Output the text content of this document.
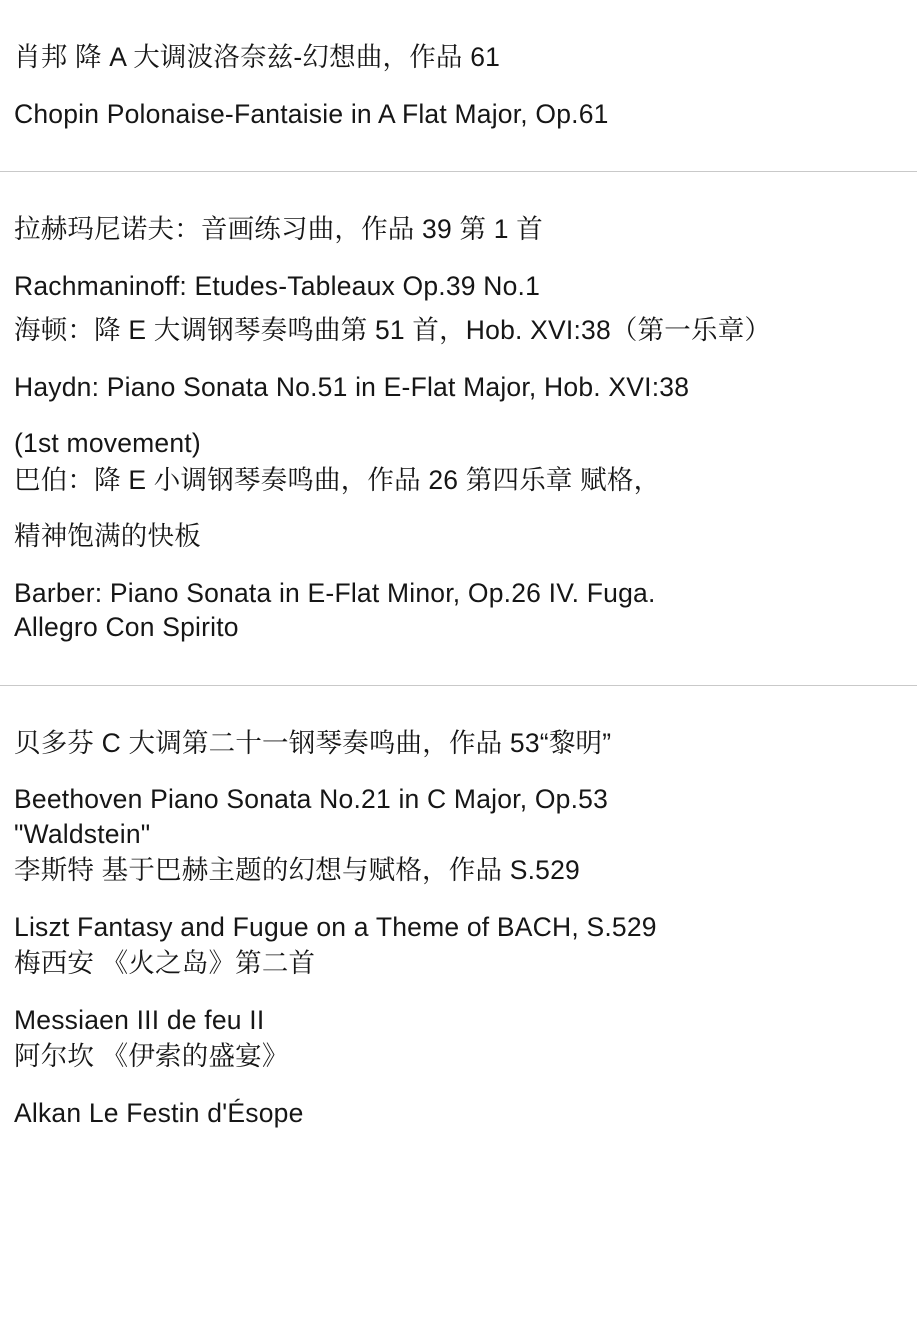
肖邦 降 A 大调波洛奈兹-幻想曲，作品 61
Chopin Polonaise-Fantaisie in A Flat Major, Op.61
拉赫玛尼诺夫：音画练习曲，作品 39 第 1 首
Rachmaninoff: Etudes-Tableaux Op.39 No.1
海顿：降 E 大调钢琴奏鸣曲第 51 首，Hob. XVI:38（第一乐章）
Haydn: Piano Sonata No.51 in E-Flat Major, Hob. XVI:38
(1st movement)
巴伯：降 E 小调钢琴奏鸣曲，作品 26 第四乐章 赋格，
精神饱满的快板
Barber: Piano Sonata in E-Flat Minor, Op.26 IV. Fuga.
Allegro Con Spirito
贝多芬 C 大调第二十一钢琴奏鸣曲，作品 53“黎明”
Beethoven Piano Sonata No.21 in C Major, Op.53
"Waldstein"
李斯特 基于巴赫主题的幻想与赋格，作品 S.529
Liszt Fantasy and Fugue on a Theme of BACH, S.529
梅西安 《火之岛》第二首
Messiaen III de feu II
阿尔坎 《伊索的盛宴》
Alkan Le Festin d'Ésope
